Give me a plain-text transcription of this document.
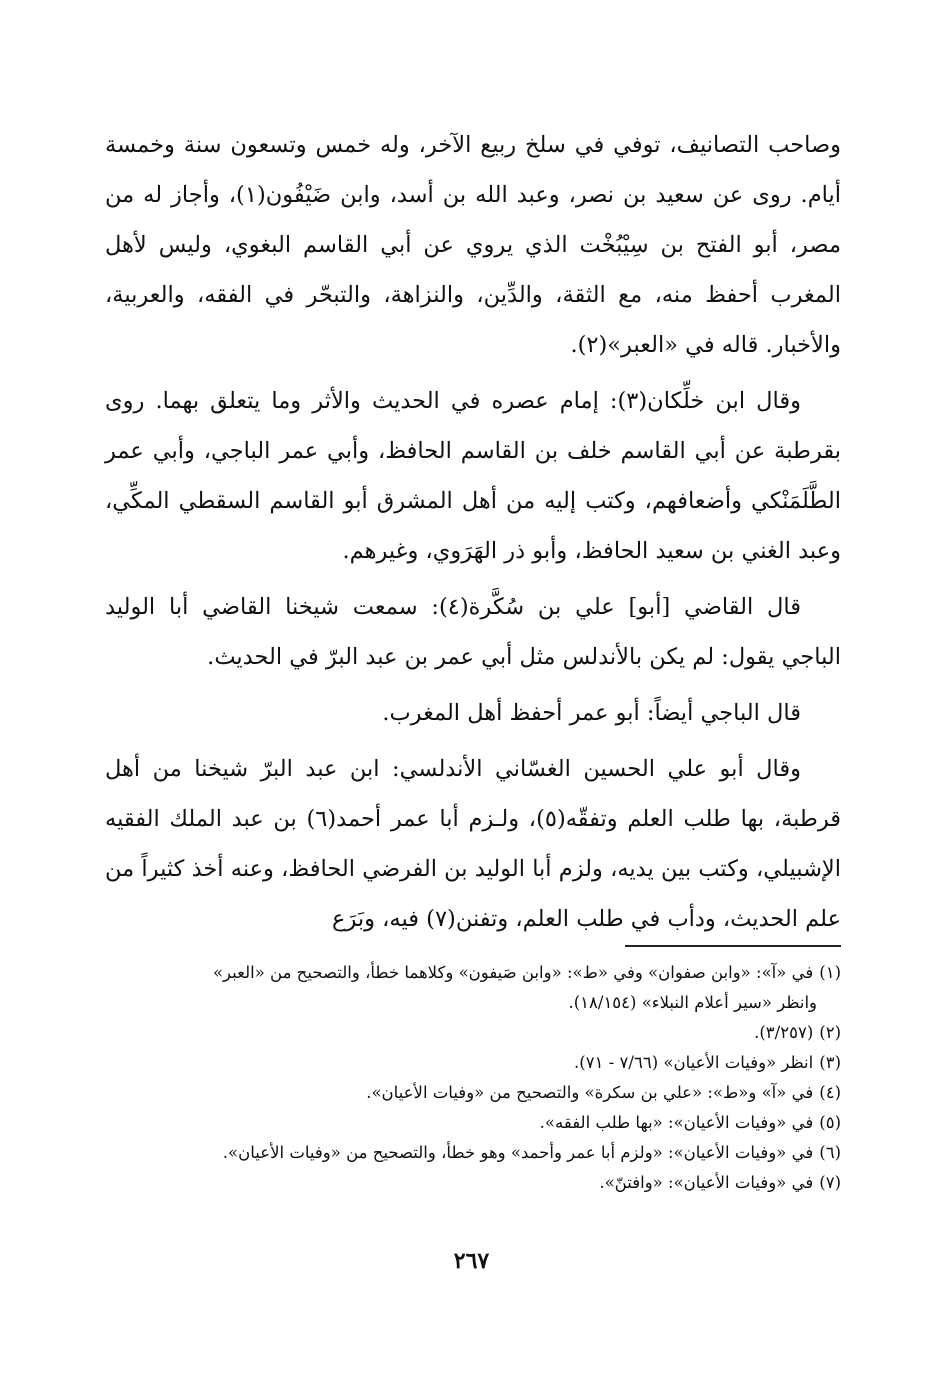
وصاحب التصانيف، توفي في سلخ ربيع الآخر، وله خمس وتسعون سنة وخمسة أيام. روى عن سعيد بن نصر، وعبد الله بن أسد، وابن ضَيْفُون(١)، وأجاز له من مصر، أبو الفتح بن سِيْبُخْت الذي يروي عن أبي القاسم البغوي، وليس لأهل المغرب أحفظ منه، مع الثقة، والدِّين، والنزاهة، والتبحّر في الفقه، والعربية، والأخبار. قاله في «العبر»(٢).

وقال ابن خلِّكان(٣): إمام عصره في الحديث والأثر وما يتعلق بهما. روى بقرطبة عن أبي القاسم خلف بن القاسم الحافظ، وأبي عمر الباجي، وأبي عمر الطَّلَمَنْكي وأضعافهم، وكتب إليه من أهل المشرق أبو القاسم السقطي المكِّي، وعبد الغني بن سعيد الحافظ، وأبو ذر الهَرَوي، وغيرهم.

قال القاضي [أبو] علي بن سُكَّرة(٤): سمعت شيخنا القاضي أبا الوليد الباجي يقول: لم يكن بالأندلس مثل أبي عمر بن عبد البرّ في الحديث.

قال الباجي أيضاً: أبو عمر أحفظ أهل المغرب.

وقال أبو علي الحسين الغسّاني الأندلسي: ابن عبد البرّ شيخنا من أهل قرطبة، بها طلب العلم وتفقّه(٥)، ولـزم أبا عمر أحمد(٦) بن عبد الملك الفقيه الإشبيلي، وكتب بين يديه، ولزم أبا الوليد بن الفرضي الحافظ، وعنه أخذ كثيراً من علم الحديث، ودأب في طلب العلم، وتفنن(٧) فيه، وبَرَع

(١)في «آ»: «وابن صفوان» وفي «ط»: «وابن صَيفون» وكلاهما خطأ، والتصحيح من «العبر»
وانظر «سير أعلام النبلاء» (١٨/١٥٤).
(٢)(٣/٢٥٧).
(٣)انظر «وفيات الأعيان» (٧/٦٦ - ٧١).
(٤)في «آ» و«ط»: «علي بن سكرة» والتصحيح من «وفيات الأعيان».
(٥)في «وفيات الأعيان»: «بها طلب الفقه».
(٦)في «وفيات الأعيان»: «ولزم أبا عمر وأحمد» وهو خطأ، والتصحيح من «وفيات الأعيان».
(٧)في «وفيات الأعيان»: «وافتنّ».
٢٦٧
